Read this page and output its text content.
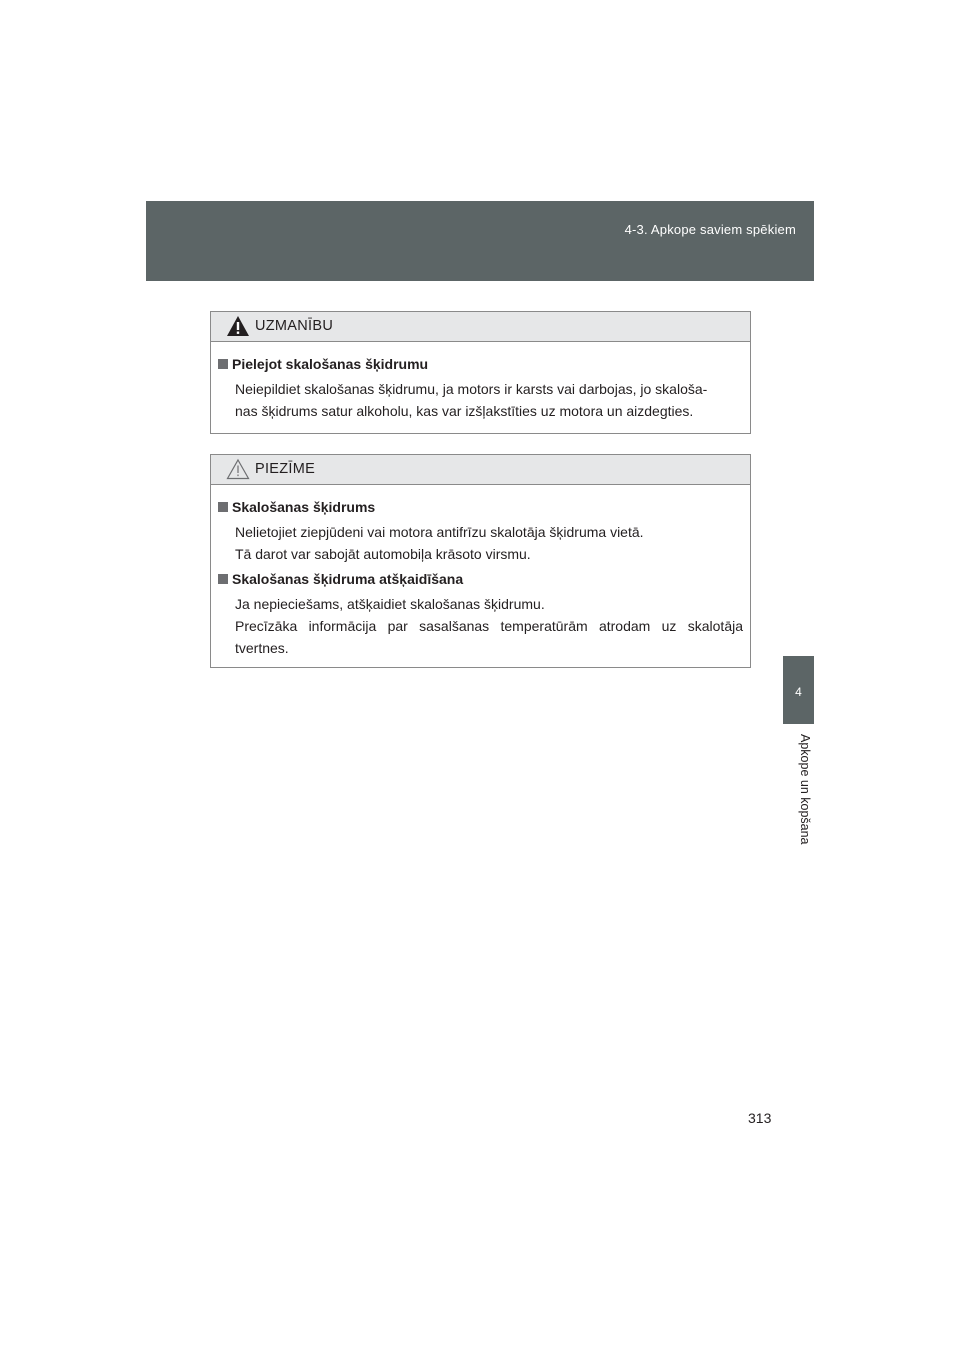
4-3. Apkope saviem spēkiem
4
Apkope un kopšana
UZMANĪBU
Pielejot skalošanas šķidrumu
Neiepildiet skalošanas šķidrumu, ja motors ir karsts vai darbojas, jo skaloša-
nas šķidrums satur alkoholu, kas var izšļakstīties uz motora un aizdegties.
PIEZĪME
Skalošanas šķidrums
Nelietojiet ziepjūdeni vai motora antifrīzu skalotāja šķidruma vietā.
Tā darot var sabojāt automobiļa krāsoto virsmu.
Skalošanas šķidruma atšķaidīšana
Ja nepieciešams, atšķaidiet skalošanas šķidrumu.
Precīzāka informācija par sasalšanas temperatūrām atrodam uz skalotāja tvertnes.
313
